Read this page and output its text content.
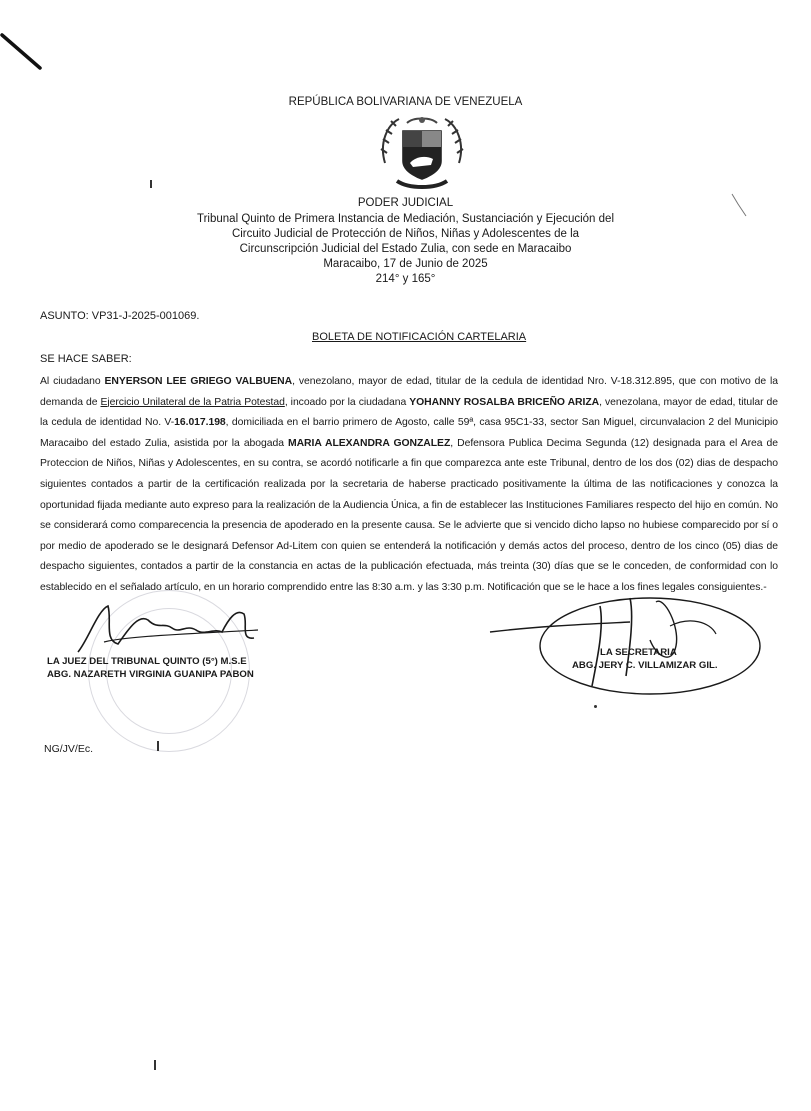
REPÚBLICA BOLIVARIANA DE VENEZUELA
PODER JUDICIAL
Tribunal Quinto de Primera Instancia de Mediación, Sustanciación y Ejecución del
Circuito Judicial de Protección de Niños, Niñas y Adolescentes de la
Circunscripción Judicial del Estado Zulia, con sede en Maracaibo
Maracaibo, 17 de Junio de 2025
214° y 165°
ASUNTO: VP31-J-2025-001069.
BOLETA DE NOTIFICACIÓN CARTELARIA
SE HACE SABER:
Al ciudadano ENYERSON LEE GRIEGO VALBUENA, venezolano, mayor de edad, titular de la cedula de identidad Nro. V-18.312.895, que con motivo de la demanda de Ejercicio Unilateral de la Patria Potestad, incoado por la ciudadana YOHANNY ROSALBA BRICEÑO ARIZA, venezolana, mayor de edad, titular de la cedula de identidad No. V-16.017.198, domiciliada en el barrio primero de Agosto, calle 59ª, casa 95C1-33, sector San Miguel, circunvalacion 2 del Municipio Maracaibo del estado Zulia, asistida por la abogada MARIA ALEXANDRA GONZALEZ, Defensora Publica Decima Segunda (12) designada para el Area de Proteccion de Niños, Niñas y Adolescentes, en su contra, se acordó notificarle a fin que comparezca ante este Tribunal, dentro de los dos (02) dias de despacho siguientes contados a partir de la certificación realizada por la secretaria de haberse practicado positivamente la última de las notificaciones y conozca la oportunidad fijada mediante auto expreso para la realización de la Audiencia Única, a fin de establecer las Instituciones Familiares respecto del hijo en común. No se considerará como comparecencia la presencia de apoderado en la presente causa. Se le advierte que si vencido dicho lapso no hubiese comparecido por sí o por medio de apoderado se le designará Defensor Ad-Litem con quien se entenderá la notificación y demás actos del proceso, dentro de los cinco (05) dias de despacho siguientes, contados a partir de la constancia en actas de la publicación efectuada, más treinta (30) días que se le conceden, de conformidad con lo establecido en el señalado artículo, en un horario comprendido entre las 8:30 a.m. y las 3:30 p.m. Notificación que se le hace a los fines legales consiguientes.-
LA JUEZ DEL TRIBUNAL QUINTO (5°) M.S.E
ABG. NAZARETH VIRGINIA GUANIPA PABON
LA SECRETARIA
ABG. JERY C. VILLAMIZAR GIL.
NG/JV/Ec.
